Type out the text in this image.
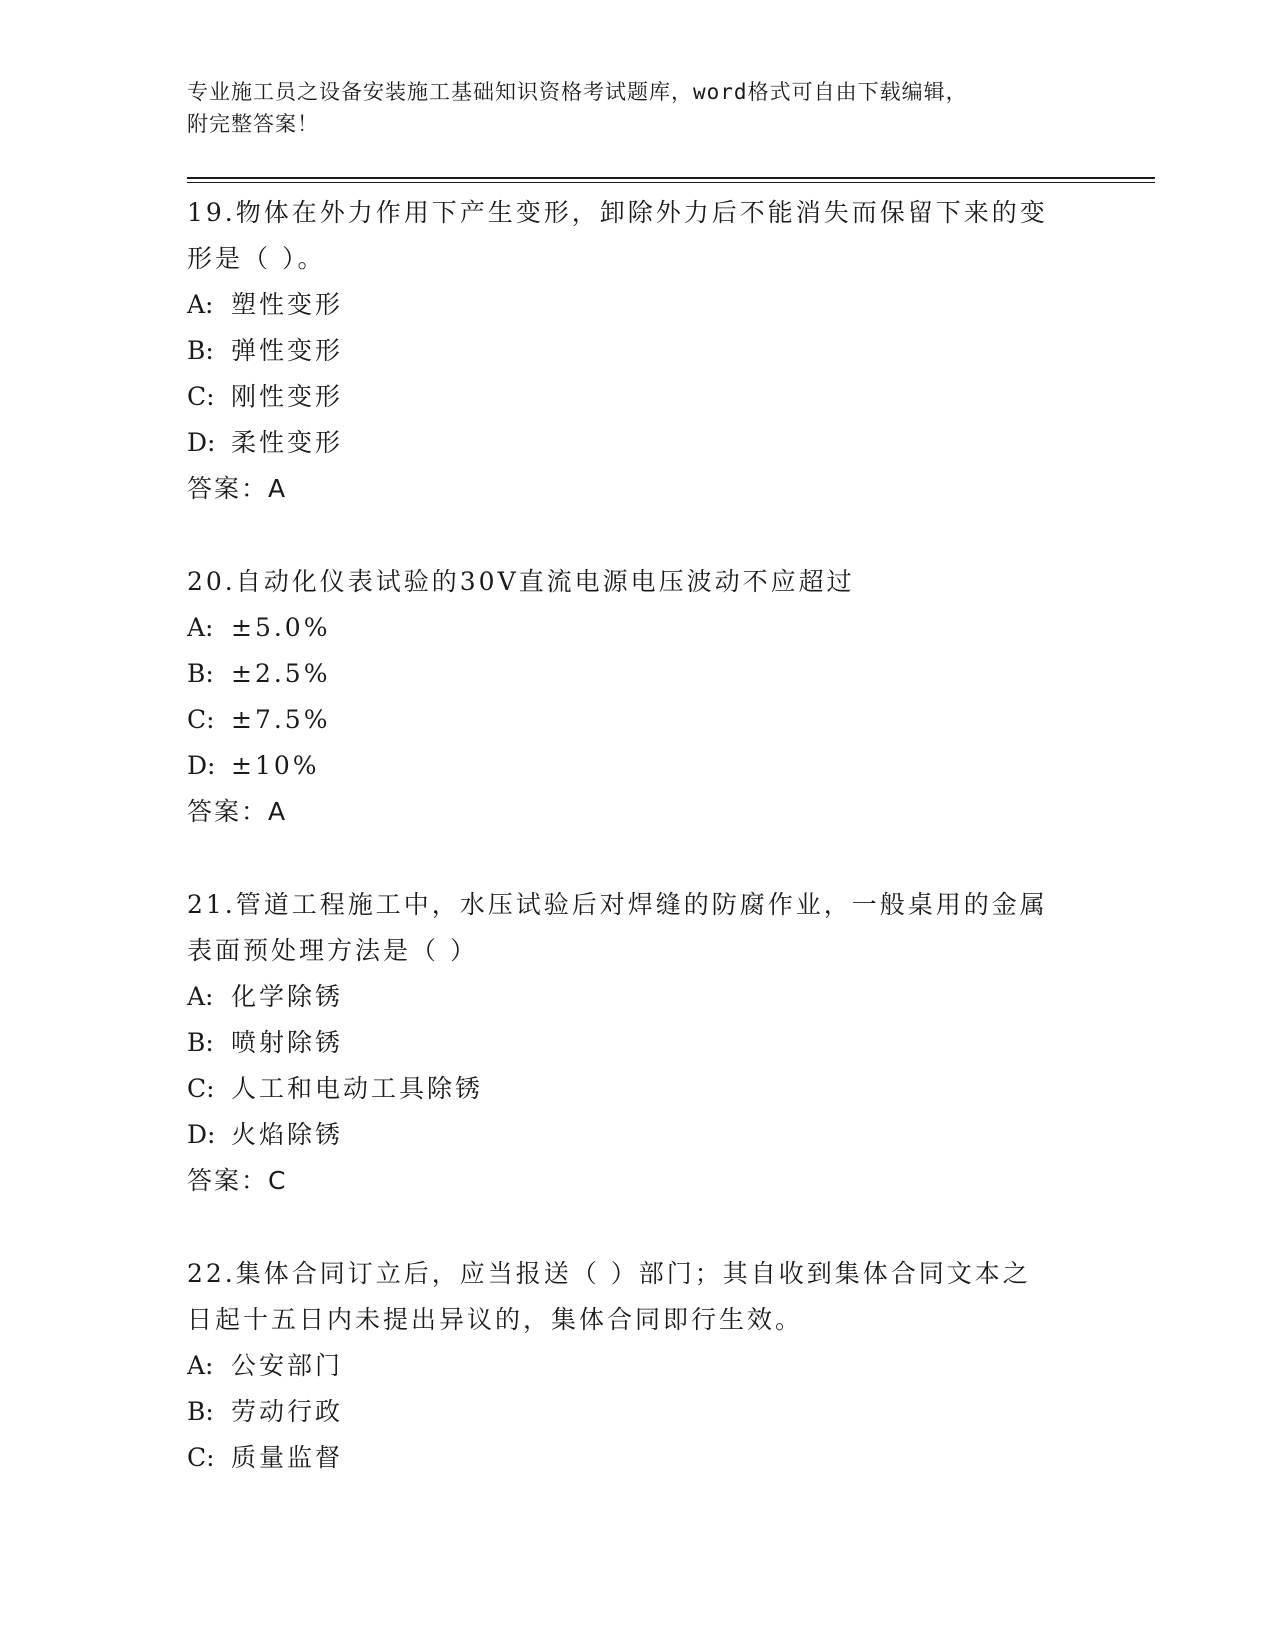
专业施工员之设备安装施工基础知识资格考试题库，word格式可自由下载编辑，
附完整答案！
19.物体在外力作用下产生变形，卸除外力后不能消失而保留下来的变
形是（ ）。
A: 塑性变形
B: 弹性变形
C: 刚性变形
D: 柔性变形
答案：A
20.自动化仪表试验的30V直流电源电压波动不应超过
A: ±5.0%
B: ±2.5%
C: ±7.5%
D: ±10%
答案：A
21.管道工程施工中，水压试验后对焊缝的防腐作业，一般桌用的金属
表面预处理方法是（ ）
A: 化学除锈
B: 喷射除锈
C: 人工和电动工具除锈
D: 火焰除锈
答案：C
22.集体合同订立后，应当报送（ ）部门；其自收到集体合同文本之
日起十五日内未提出异议的，集体合同即行生效。
A: 公安部门
B: 劳动行政
C: 质量监督
